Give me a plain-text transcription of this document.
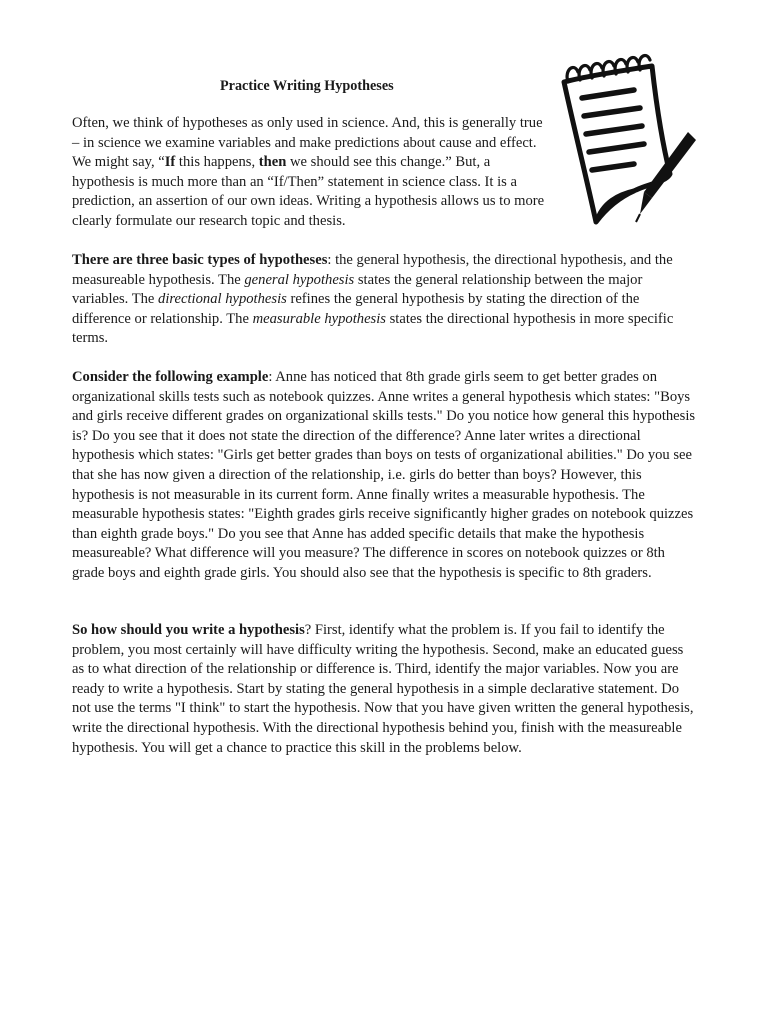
Practice Writing Hypotheses

Often, we think of hypotheses as only used in science. And, this is generally true – in science we examine variables and make predictions about cause and effect. We might say, “If this happens, then we should see this change.” But, a hypothesis is much more than an “If/Then” statement in science class. It is a prediction, an assertion of our own ideas. Writing a hypothesis allows us to more clearly formulate our research topic and thesis.

There are three basic types of hypotheses: the general hypothesis, the directional hypothesis, and the measureable hypothesis. The general hypothesis states the general relationship between the major variables. The directional hypothesis refines the general hypothesis by stating the direction of the difference or relationship. The measurable hypothesis states the directional hypothesis in more specific terms.

Consider the following example: Anne has noticed that 8th grade girls seem to get better grades on organizational skills tests such as notebook quizzes. Anne writes a general hypothesis which states: "Boys and girls receive different grades on organizational skills tests." Do you notice how general this hypothesis is? Do you see that it does not state the direction of the difference? Anne later writes a directional hypothesis which states: "Girls get better grades than boys on tests of organizational abilities." Do you see that she has now given a direction of the relationship, i.e. girls do better than boys? However, this hypothesis is not measurable in its current form. Anne finally writes a measurable hypothesis. The measurable hypothesis states: "Eighth grades girls receive significantly higher grades on notebook quizzes than eighth grade boys." Do you see that Anne has added specific details that make the hypothesis measureable? What difference will you measure? The difference in scores on notebook quizzes or 8th grade boys and eighth grade girls. You should also see that the hypothesis is specific to 8th graders.

So how should you write a hypothesis? First, identify what the problem is. If you fail to identify the problem, you most certainly will have difficulty writing the hypothesis. Second, make an educated guess as to what direction of the relationship or difference is. Third, identify the major variables. Now you are ready to write a hypothesis. Start by stating the general hypothesis in a simple declarative statement. Do not use the terms "I think" to start the hypothesis. Now that you have given written the general hypothesis, write the directional hypothesis. With the directional hypothesis behind you, finish with the measureable hypothesis. You will get a chance to practice this skill in the problems below.
